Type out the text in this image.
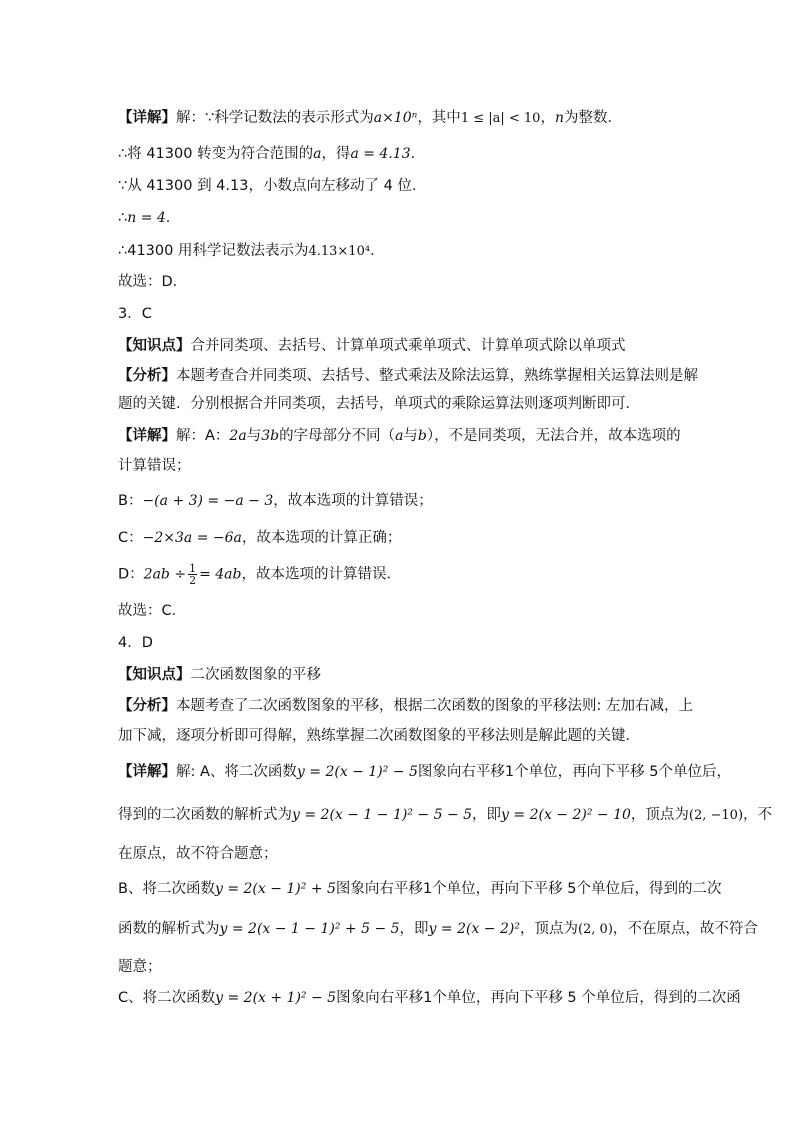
【详解】解：∵科学记数法的表示形式为a×10ⁿ，其中1 ≤ |a| < 10，n为整数．
∴将 41300 转变为符合范围的a，得a = 4.13．
∵从 41300 到 4.13，小数点向左移动了 4 位．
∴n = 4．
∴41300 用科学记数法表示为4.13×10⁴．
故选：D．
3．C
【知识点】合并同类项、去括号、计算单项式乘单项式、计算单项式除以单项式
【分析】本题考查合并同类项、去括号、整式乘法及除法运算，熟练掌握相关运算法则是解
题的关键．分别根据合并同类项，去括号，单项式的乘除运算法则逐项判断即可．
【详解】解：A：2a与3b的字母部分不同（a与b），不是同类项，无法合并，故本选项的
计算错误；
B：−(a + 3) = −a − 3，故本选项的计算错误；
C：−2×3a = −6a，故本选项的计算正确；
D：$2ab \div \frac{1}{2} = 4ab$，故本选项的计算错误．
故选：C．
4．D
【知识点】二次函数图象的平移
【分析】本题考查了二次函数图象的平移，根据二次函数的图象的平移法则: 左加右减，上
加下减，逐项分析即可得解，熟练掌握二次函数图象的平移法则是解此题的关键．
【详解】解: A、将二次函数y = 2(x − 1)² − 5图象向右平移1个单位，再向下平移 5个单位后，
得到的二次函数的解析式为y = 2(x − 1 − 1)² − 5 − 5，即y = 2(x − 2)² − 10，顶点为(2, −10)，不
在原点，故不符合题意；
B、将二次函数y = 2(x − 1)² + 5图象向右平移1个单位，再向下平移 5个单位后，得到的二次
函数的解析式为y = 2(x − 1 − 1)² + 5 − 5，即y = 2(x − 2)²，顶点为(2, 0)，不在原点，故不符合
题意；
C、将二次函数y = 2(x + 1)² − 5图象向右平移1个单位，再向下平移 5 个单位后，得到的二次函
